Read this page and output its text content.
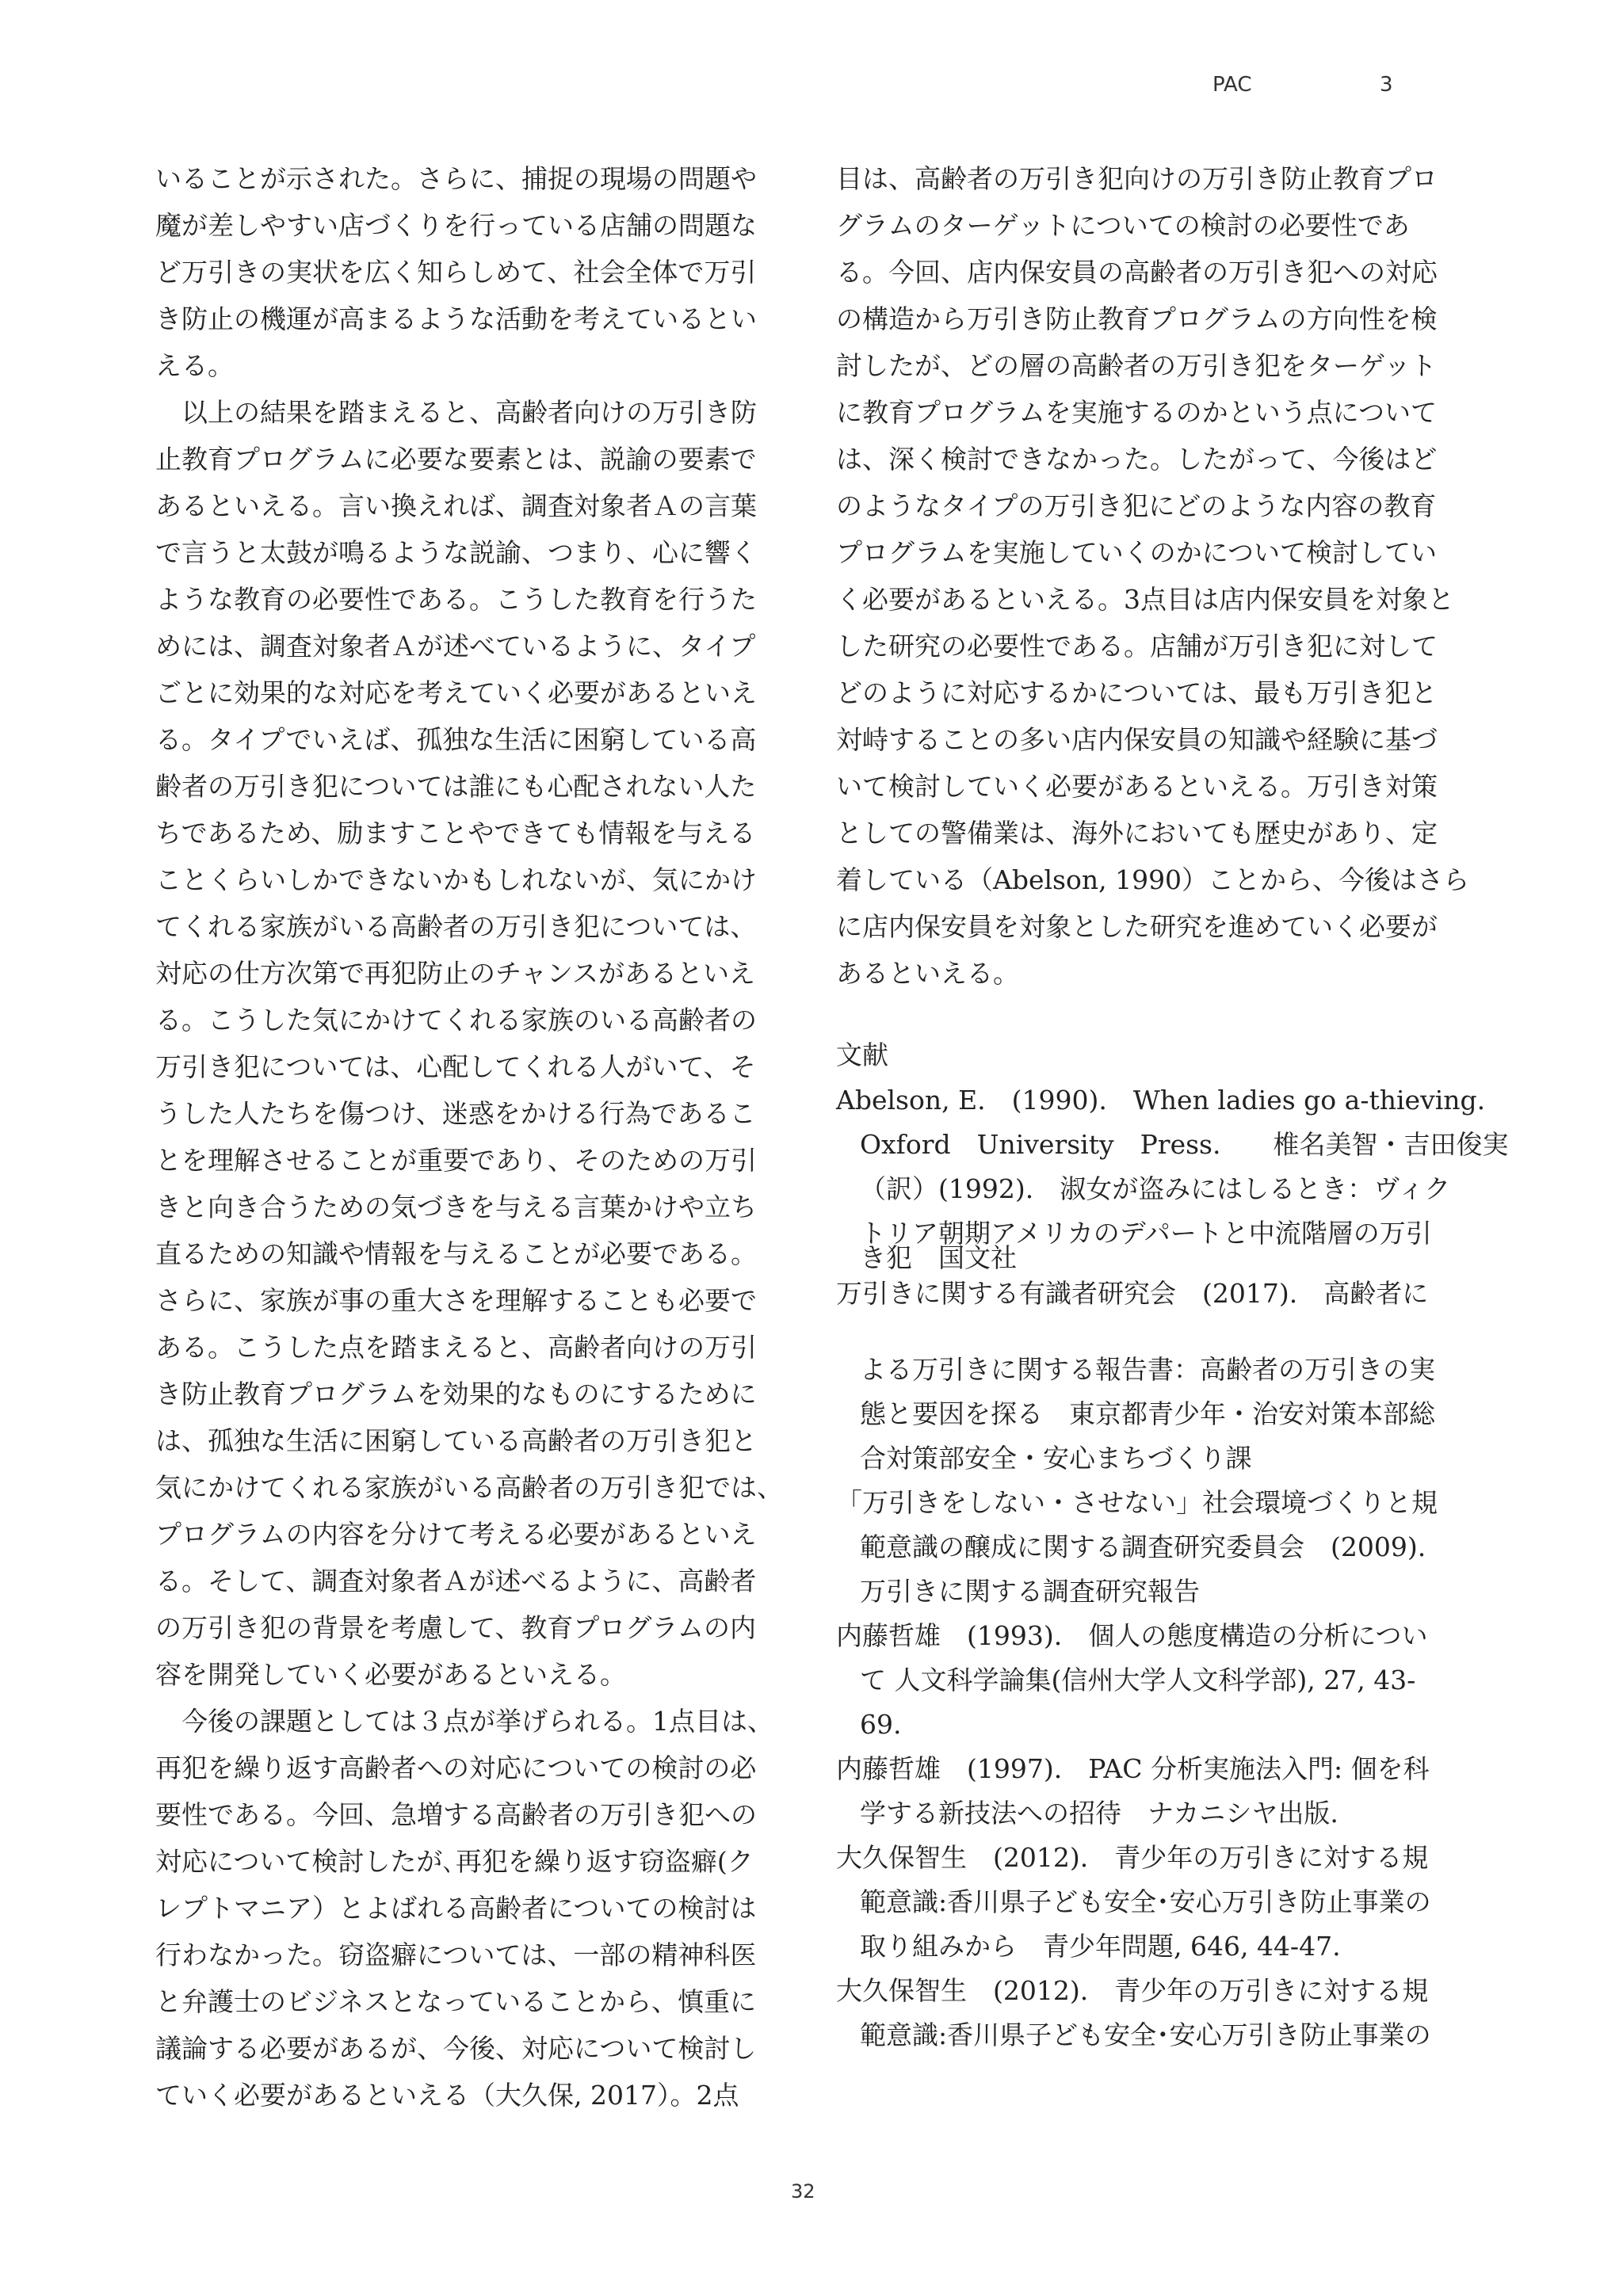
PAC	3
いることが示された。さらに、捕捉の現場の問題や
魔が差しやすい店づくりを行っている店舗の問題な
ど万引きの実状を広く知らしめて、社会全体で万引
き防止の機運が高まるような活動を考えているとい
える。
以上の結果を踏まえると、高齢者向けの万引き防
止教育プログラムに必要な要素とは、説諭の要素で
あるといえる。言い換えれば、調査対象者Ａの言葉
で言うと太鼓が鳴るような説諭、つまり、心に響く
ような教育の必要性である。こうした教育を行うた
めには、調査対象者Ａが述べているように、タイプ
ごとに効果的な対応を考えていく必要があるといえ
る。タイプでいえば、孤独な生活に困窮している高
齢者の万引き犯については誰にも心配されない人た
ちであるため、励ますことやできても情報を与える
ことくらいしかできないかもしれないが、気にかけ
てくれる家族がいる高齢者の万引き犯については、
対応の仕方次第で再犯防止のチャンスがあるといえ
る。こうした気にかけてくれる家族のいる高齢者の
万引き犯については、心配してくれる人がいて、そ
うした人たちを傷つけ、迷惑をかける行為であるこ
とを理解させることが重要であり、そのための万引
きと向き合うための気づきを与える言葉かけや立ち
直るための知識や情報を与えることが必要である。
さらに、家族が事の重大さを理解することも必要で
ある。こうした点を踏まえると、高齢者向けの万引
き防止教育プログラムを効果的なものにするために
は、孤独な生活に困窮している高齢者の万引き犯と
気にかけてくれる家族がいる高齢者の万引き犯では、
プログラムの内容を分けて考える必要があるといえ
る。そして、調査対象者Ａが述べるように、高齢者
の万引き犯の背景を考慮して、教育プログラムの内
容を開発していく必要があるといえる。
今後の課題としては３点が挙げられる。1点目は、
再犯を繰り返す高齢者への対応についての検討の必
要性である。今回、急増する高齢者の万引き犯への
対応について検討したが､再犯を繰り返す窃盗癖(ク
レプトマニア）とよばれる高齢者についての検討は
行わなかった。窃盗癖については、一部の精神科医
と弁護士のビジネスとなっていることから、慎重に
議論する必要があるが、今後、対応について検討し
ていく必要があるといえる（大久保, 2017）。2点
目は、高齢者の万引き犯向けの万引き防止教育プロ
グラムのターゲットについての検討の必要性であ
る。今回、店内保安員の高齢者の万引き犯への対応
の構造から万引き防止教育プログラムの方向性を検
討したが、どの層の高齢者の万引き犯をターゲット
に教育プログラムを実施するのかという点について
は、深く検討できなかった。したがって、今後はど
のようなタイプの万引き犯にどのような内容の教育
プログラムを実施していくのかについて検討してい
く必要があるといえる。3点目は店内保安員を対象と
した研究の必要性である。店舗が万引き犯に対して
どのように対応するかについては、最も万引き犯と
対峙することの多い店内保安員の知識や経験に基づ
いて検討していく必要があるといえる。万引き対策
としての警備業は、海外においても歴史があり、定
着している（Abelson, 1990）ことから、今後はさら
に店内保安員を対象とした研究を進めていく必要が
あるといえる。
文献
Abelson, E.　(1990).　When ladies go a-thieving.
Oxford　University　Press.　　椎名美智・吉田俊実
（訳）(1992).　淑女が盗みにはしるとき：ヴィク
トリア朝期アメリカのデパートと中流階層の万引
き犯　国文社
万引きに関する有識者研究会　(2017).　高齢者に
よる万引きに関する報告書：高齢者の万引きの実
態と要因を探る　東京都青少年・治安対策本部総
合対策部安全・安心まちづくり課
「万引きをしない・させない」社会環境づくりと規
範意識の醸成に関する調査研究委員会　(2009).
万引きに関する調査研究報告
内藤哲雄　(1993).　個人の態度構造の分析につい
て 人文科学論集(信州大学人文科学部), 27, 43-
69.
内藤哲雄　(1997).　PAC 分析実施法入門: 個を科
学する新技法への招待　ナカニシヤ出版.
大久保智生　(2012).　青少年の万引きに対する規
範意識:香川県子ども安全･安心万引き防止事業の
取り組みから　青少年問題, 646, 44-47.
大久保智生　(2012).　青少年の万引きに対する規
範意識:香川県子ども安全･安心万引き防止事業の
32
